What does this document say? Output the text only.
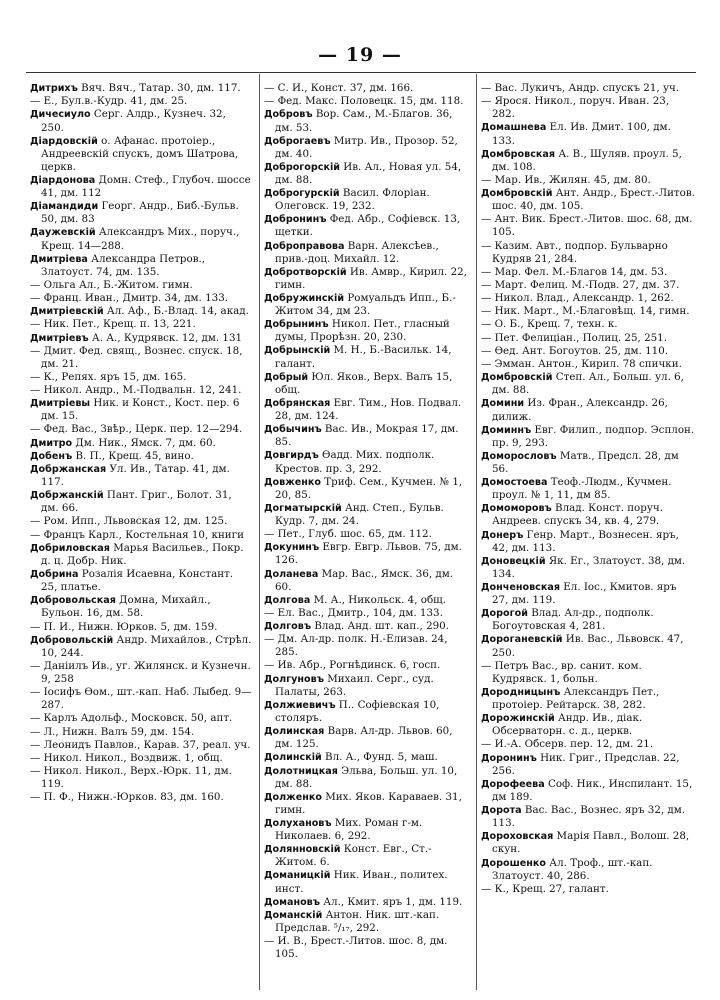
— 19 —

Дитрихъ Вяч. Вяч., Татар. 30, дм. 117.

— Е., Бул.в.-Кудр. 41, дм. 25.

Дичесиуло Серг. Алдр., Кузнеч. 32, 250.

Діардовскій о. Афанас. протоіер., Андреевскій спускъ, домъ Шатрова, церкв.

Діардонова Домн. Стеф., Глубоч. шоссе 41, дм. 112

Діамандиди Георг. Андр., Биб.-Бульв. 50, дм. 83

Даужевскій Александръ Мих., поруч., Крещ. 14—288.

Дмитріева Александра Петров., Златоуст. 74, дм. 135.

— Ольга Ал., Б.-Житом. гимн.

— Франц. Иван., Дмитр. 34, дм. 133.

Дмитріевскій Ал. Аф., Б.-Влад. 14, акад.

— Ник. Пет., Крещ. п. 13, 221.

Дмитріевъ А. А., Кудрявск. 12, дм. 131

— Дмит. Фед. свящ., Вознес. спуск. 18, дм. 21.

— К., Репях. яръ 15, дм. 165.

— Никол. Андр., М.-Подвальн. 12, 241.

Дмитріевы Ник. и Конст., Кост. пер. 6 дм. 15.

— Фед. Вас., Звѣр., Церк. пер. 12—294.

Дмитро Дм. Ник., Ямск. 7, дм. 60.

Добенъ В. П., Крещ. 45, вино.

Добржанская Ул. Ив., Татар. 41, дм. 117.

Добржанскій Пант. Григ., Болот. 31, дм. 66.

— Ром. Ипп., Львовская 12, дм. 125.

— Францъ Карл., Костельная 10, книги

Добриловская Марья Васильев., Покр. д. ц. Добр. Ник.

Добрина Розалія Исаевна, Констант. 25, платье.

Добровольская Домна, Михайл., Бульон. 16, дм. 58.

— П. И., Нижн. Юрков. 5, дм. 159.

Добровольскій Андр. Михайлов., Стрѣл. 10, 244.

— Даніилъ Ив., уг. Жилянск. и Кузнечн. 9, 258

— Іосифъ Ѳом., шт.-кап. Наб. Лыбед. 9—287.

— Карлъ Адольф., Московск. 50, апт.

— Л., Нижн. Валъ 59, дм. 154.

— Леонидъ Павлов., Карав. 37, реал. уч.

— Никол. Никол., Воздвиж. 1, общ.

— Никол. Никол., Верх.-Юрк. 11, дм. 119.

— П. Ф., Нижн.-Юрков. 83, дм. 160.

— С. И., Конст. 37, дм. 166.

— Фед. Макс. Половецк. 15, дм. 118.

Добровъ Вор. Сам., М.-Благов. 36, дм. 53.

Доброгаевъ Митр. Ив., Прозор. 52, дм. 40.

Доброгорскій Ив. Ал., Новая ул. 54, дм. 88.

Доброгурскій Васил. Флоріан. Олеговск. 19, 232.

Добронинъ Фед. Абр., Софіевск. 13, щетки.

Доброправова Варн. Алексѣев., прив.-доц. Михайл. 12.

Добротворскій Ив. Амвр., Кирил. 22, гимн.

Добружинскій Ромуальдъ Ипп., Б.-Житом 34, дм 23.

Добрынинъ Никол. Пет., гласный думы, Прорѣзн. 20, 230.

Добрынскій М. Н., Б.-Васильк. 14, галант.

Добрый Юл. Яков., Верх. Валъ 15, общ.

Добрянская Евг. Тим., Нов. Подвал. 28, дм. 124.

Добычинъ Вас. Ив., Мокрая 17, дм. 85.

Довгирдъ Ѳадд. Мих. подполк. Крестов. пр. 3, 292.

Довженко Триф. Сем., Кучмен. № 1, 20, 85.

Догматырскій Анд. Степ., Бульв. Кудр. 7, дм. 24.

— Пет., Глуб. шос. 65, дм. 112.

Докунинъ Евгр. Евгр. Львов. 75, дм. 126.

Доланева Мар. Вас., Ямск. 36, дм. 60.

Долгова М. А., Никольск. 4, общ.

— Ел. Вас., Дмитр., 104, дм. 133.

Долговъ Влад. Анд. шт. кап., 290.

— Дм. Ал-др. полк. Н.-Елизав. 24, 285.

— Ив. Абр., Рогнѣдинск. 6, госп.

Долгуновъ Михаил. Серг., суд. Палаты, 263.

Должиевичъ П.. Софіевская 10, столяръ.

Долинская Варв. Ал-др. Львов. 60, дм. 125.

Долинскій Вл. А., Фунд. 5, маш.

Долотницкая Эльва, Больш. ул. 10, дм. 88.

Долженко Мих. Яков. Караваев. 31, гимн.

Долухановъ Мих. Роман г-м. Николаев. 6, 292.

Долянновскій Конст. Евг., Ст.-Житом. 6.

Доманицкій Ник. Иван., политех. инст.

Домановъ Ал., Кмит. яръ 1, дм. 119.

Доманскій Антон. Ник. шт.-кап. Предслав. ⁵/₁₇, 292.

— И. В., Брест.-Литов. шос. 8, дм. 105.

— Вас. Лукичъ, Андр. спускъ 21, уч.

— Ярося. Никол., поруч. Иван. 23, 282.

Домашнева Ел. Ив. Дмит. 100, дм. 133.

Домбровская А. В., Шуляв. проул. 5, дм. 108.

— Мар. Ив., Жилян. 45, дм. 80.

Домбровскій Ант. Андр., Брест.-Литов. шос. 40, дм. 105.

— Ант. Вик. Брест.-Литов. шос. 68, дм. 105.

— Казим. Авт., подпор. Бульварно Кудряв 21, 284.

— Мар. Фел. М.-Благов 14, дм. 53.

— Март. Фелиц. М.-Подв. 27, дм. 37.

— Никол. Влад., Александр. 1, 262.

— Ник. Март., М.-Благовѣщ. 14, гимн.

— О. Б., Крещ. 7, техн. к.

— Пет. Фелиціан., Полиц. 25, 251.

— Ѳед. Ант. Богоутов. 25, дм. 110.

— Эмман. Антон., Кирил. 78 спички.

Домбровскій Степ. Ал., Больш. ул. 6, дм. 88.

Домини Из. Фран., Александр. 26, дилиж.

Доминнъ Евг. Филип., подпор. Эсплон. пр. 9, 293.

Доморословъ Матв., Предсл. 28, дм 56.

Домостоева Теоф.-Людм., Кучмен. проул. № 1, 11, дм 85.

Домоморовъ Влад. Конст. поруч. Андреев. спускъ 34, кв. 4, 279.

Донеръ Генр. Март., Вознесен. яръ, 42, дм. 113.

Доновецкій Як. Ег., Златоуст. 38, дм. 134.

Донченовская Ел. Іос., Кмитов. яръ 27, дм. 119.

Дорогой Влад. Ал-др., подполк. Богоутовская 4, 281.

Дороганевскій Ив. Вас., Львовск. 47, 250.

— Петръ Вас., вр. санит. ком. Кудрявск. 1, больн.

Дородницынъ Александръ Пет., протоіер. Рейтарск. 38, 282.

Дорожинскій Андр. Ив., діак. Обсерваторн. с. д., церкв.

— И.-А. Обсерв. пер. 12, дм. 21.

Доронинъ Ник. Григ., Предслав. 22, 256.

Дорофеева Соф. Ник., Инспилант. 15, дм 189.

Дорота Вас. Вас., Вознес. яръ 32, дм. 113.

Дороховская Марія Павл., Волош. 28, скун.

Дорошенко Ал. Троф., шт.-кап. Златоуст. 40, 286.

— К., Крещ. 27, галант.
